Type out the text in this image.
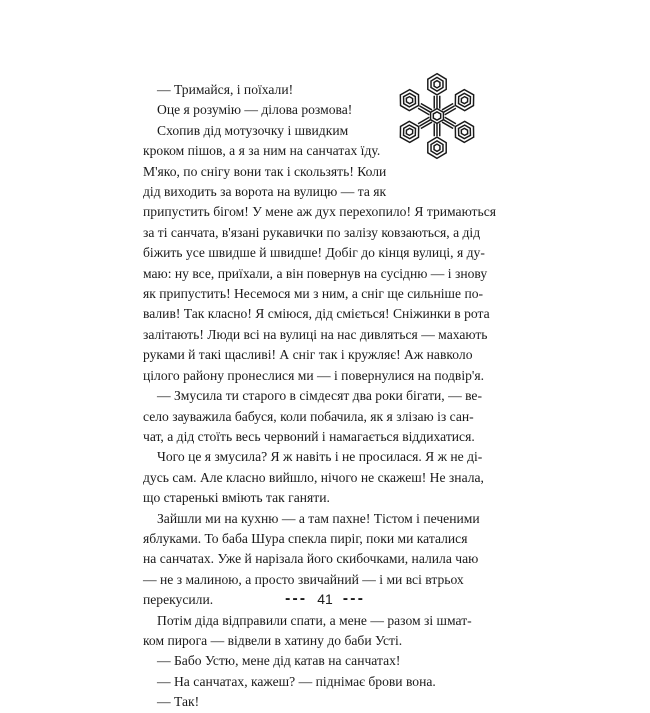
— Тримайся, і поїхали!

Оце я розумію — ділова розмова!

Схопив дід мотузочку і швидким

кроком пішов, а я за ним на санчатах їду.

М'яко, по снігу вони так і скользять! Коли

дід виходить за ворота на вулицю — та як

припустить бігом! У мене аж дух перехопило! Я тримаються

за ті санчата, в'язані рукавички по залізу ковзаються, а дід

біжить усе швидше й швидше! Добіг до кінця вулиці, я ду-

маю: ну все, приїхали, а він повернув на сусідню — і знову

як припустить! Несемося ми з ним, а сніг ще сильніше по-

валив! Так класно! Я сміюся, дід сміється! Сніжинки в рота

залітають! Люди всі на вулиці на нас дивляться — махають

руками й такі щасливі! А сніг так і кружляє! Аж навколо

цілого району пронеслися ми — і повернулися на подвір'я.

— Змусила ти старого в сімдесят два роки бігати, — ве-

село зауважила бабуся, коли побачила, як я злізаю із сан-

чат, а дід стоїть весь червоний і намагається віддихатися.

Чого це я змусила? Я ж навіть і не просилася. Я ж не ді-

дусь сам. Але класно вийшло, нічого не скажеш! Не знала,

що старенькі вміють так ганяти.

Зайшли ми на кухню — а там пахне! Тістом і печеними

яблуками. То баба Шура спекла пиріг, поки ми каталися

на санчатах. Уже й нарізала його скибочками, налила чаю

— не з малиною, а просто звичайний — і ми всі втрьох

перекусили.

Потім діда відправили спати, а мене — разом зі шмат-

ком пирога — відвели в хатину до баби Усті.

— Бабо Устю, мене дід катав на санчатах!

— На санчатах, кажеш? — піднімає брови вона.

— Так!

--- 41 ---
